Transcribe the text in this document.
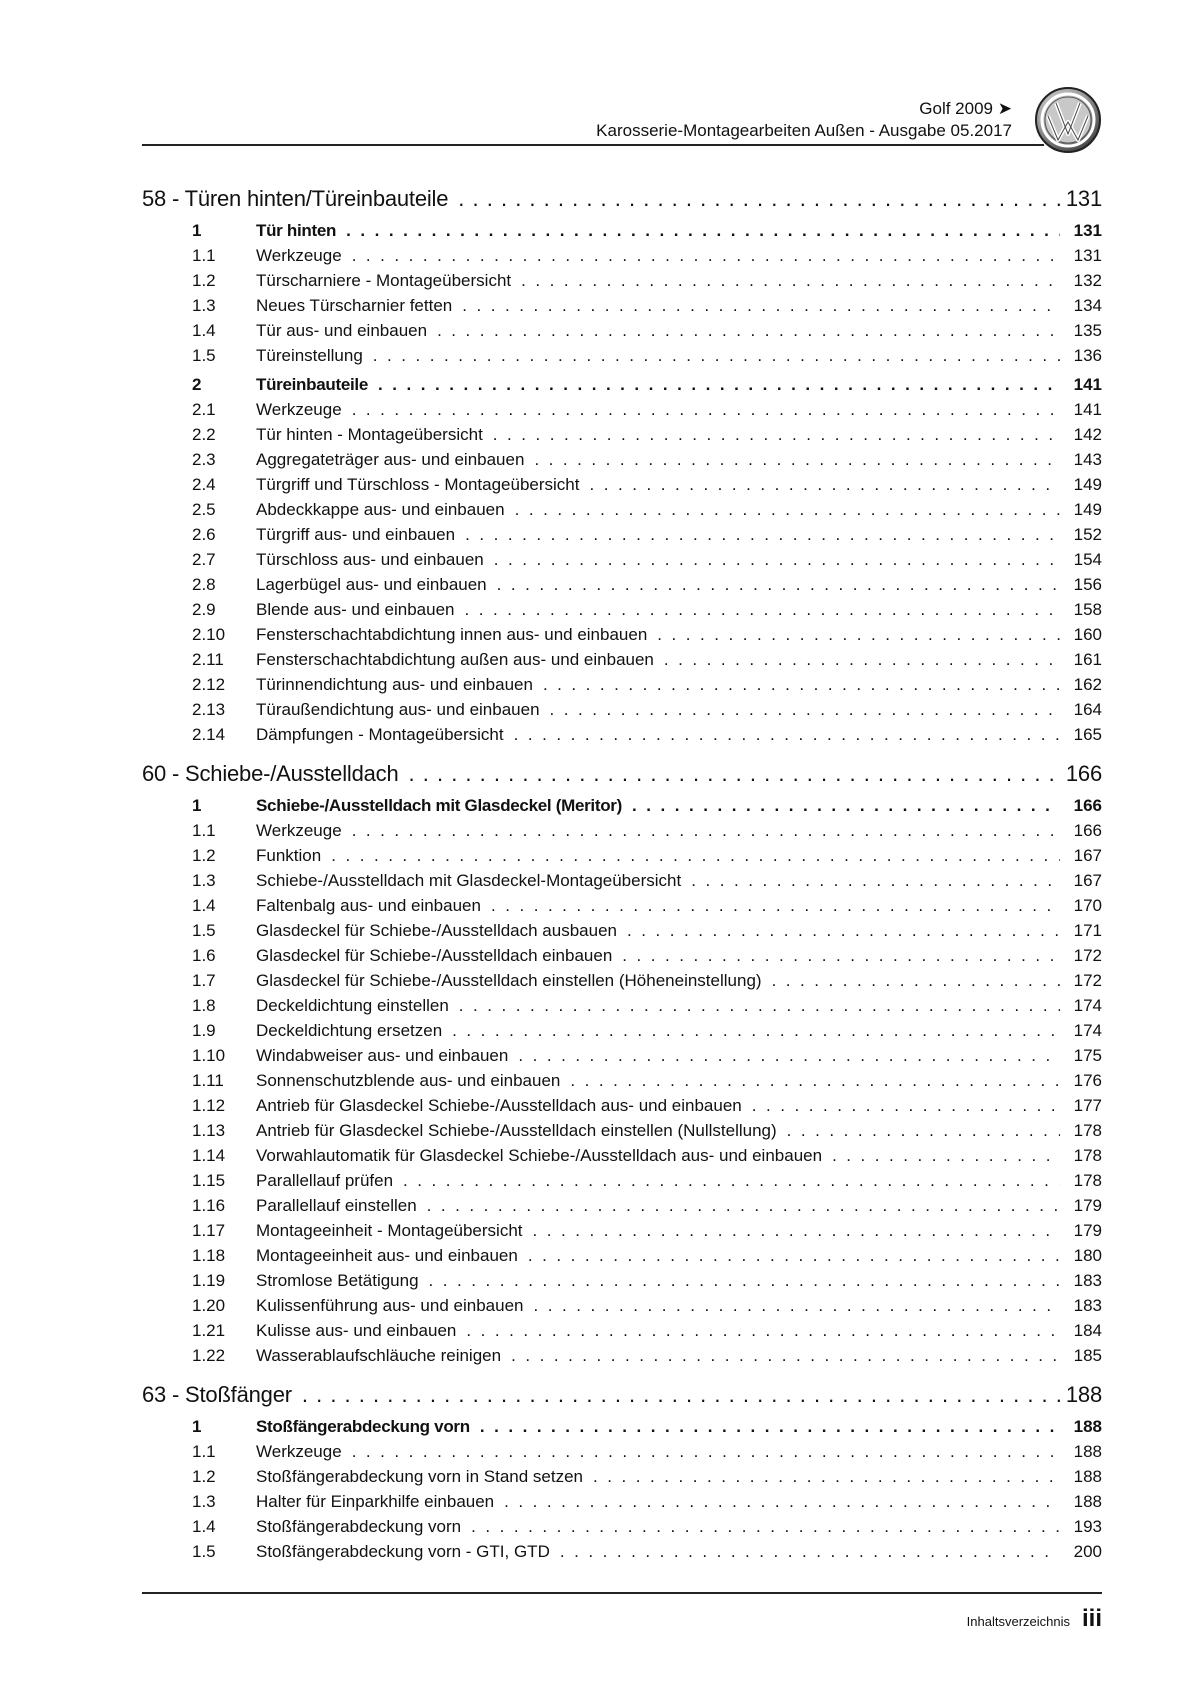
Golf 2009 ➤
Karosserie-Montagearbeiten Außen - Ausgabe 05.2017
58 - Türen hinten/Türeinbauteile . . .	131
1	Tür hinten . . .	131
1.1	Werkzeuge . . .	131
1.2	Türscharniere - Montageübersicht . . .	132
1.3	Neues Türscharnier fetten . . .	134
1.4	Tür aus- und einbauen . . .	135
1.5	Türeinstellung . . .	136
2	Türeinbauteile . . .	141
2.1	Werkzeuge . . .	141
2.2	Tür hinten - Montageübersicht . . .	142
2.3	Aggregateträger aus- und einbauen . . .	143
2.4	Türgriff und Türschloss - Montageübersicht . . .	149
2.5	Abdeckkappe aus- und einbauen . . .	149
2.6	Türgriff aus- und einbauen . . .	152
2.7	Türschloss aus- und einbauen . . .	154
2.8	Lagerbügel aus- und einbauen . . .	156
2.9	Blende aus- und einbauen . . .	158
2.10	Fensterschachtabdichtung innen aus- und einbauen . . .	160
2.11	Fensterschachtabdichtung außen aus- und einbauen . . .	161
2.12	Türinnendichtung aus- und einbauen . . .	162
2.13	Türaußendichtung aus- und einbauen . . .	164
2.14	Dämpfungen - Montageübersicht . . .	165
60 - Schiebe-/Ausstelldach . . .	166
1	Schiebe-/Ausstelldach mit Glasdeckel (Meritor) . . .	166
1.1	Werkzeuge . . .	166
1.2	Funktion . . .	167
1.3	Schiebe-/Ausstelldach mit Glasdeckel-Montageübersicht . . .	167
1.4	Faltenbalg aus- und einbauen . . .	170
1.5	Glasdeckel für Schiebe-/Ausstelldach ausbauen . . .	171
1.6	Glasdeckel für Schiebe-/Ausstelldach einbauen . . .	172
1.7	Glasdeckel für Schiebe-/Ausstelldach einstellen (Höheneinstellung) . . .	172
1.8	Deckeldichtung einstellen . . .	174
1.9	Deckeldichtung ersetzen . . .	174
1.10	Windabweiser aus- und einbauen . . .	175
1.11	Sonnenschutzblende aus- und einbauen . . .	176
1.12	Antrieb für Glasdeckel Schiebe-/Ausstelldach aus- und einbauen . . .	177
1.13	Antrieb für Glasdeckel Schiebe-/Ausstelldach einstellen (Nullstellung) . . .	178
1.14	Vorwahlautomatik für Glasdeckel Schiebe-/Ausstelldach aus- und einbauen . . .	178
1.15	Parallellauf prüfen . . .	178
1.16	Parallellauf einstellen . . .	179
1.17	Montageeinheit - Montageübersicht . . .	179
1.18	Montageeinheit aus- und einbauen . . .	180
1.19	Stromlose Betätigung . . .	183
1.20	Kulissenführung aus- und einbauen . . .	183
1.21	Kulisse aus- und einbauen . . .	184
1.22	Wasserablaufschläuche reinigen . . .	185
63 - Stoßfänger . . .	188
1	Stoßfängerabdeckung vorn . . .	188
1.1	Werkzeuge . . .	188
1.2	Stoßfängerabdeckung vorn in Stand setzen . . .	188
1.3	Halter für Einparkhilfe einbauen . . .	188
1.4	Stoßfängerabdeckung vorn . . .	193
1.5	Stoßfängerabdeckung vorn - GTI, GTD . . .	200
Inhaltsverzeichnis iii
